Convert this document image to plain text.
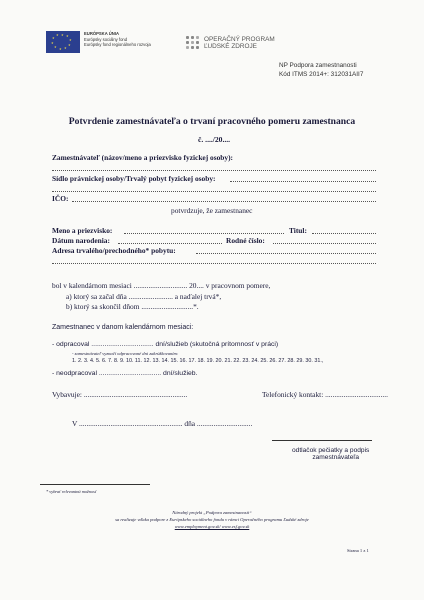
★ ★
★
★
★
★
★
★
★
★	EURÓPSKA ÚNIA
Európsky sociálny fond
Európsky fond regionálneho rozvoja
OPERAČNÝ PROGRAM
ĽUDSKÉ ZDROJE
NP Podpora zamestnanosti
Kód ITMS 2014+: 312031AII7
Potvrdenie zamestnávateľa o trvaní pracovného pomeru zamestnanca
č. ..../20....
Zamestnávateľ (názov/meno a priezvisko fyzickej osoby):
Sídlo právnickej osoby/Trvalý pobyt fyzickej osoby:
IČO:
potvrdzuje, že zamestnanec
Meno a priezvisko:	Titul:
Dátum narodenia:	Rodné číslo:
Adresa trvalého/prechodného* pobytu:
bol v kalendárnom mesiaci ............................. 20.... v pracovnom pomere,
a) ktorý sa začal dňa ........................ a naďalej trvá*,
b) ktorý sa skončil dňom ............................*.
Zamestnanec v danom kalendárnom mesiaci:
- odpracoval ................................. dní/služieb (skutočná prítomnosť v práci)
- zamestnávateľ vyznačí odpracované dni zakrúžkovaním:
1. 2. 3. 4. 5. 6. 7. 8. 9. 10. 11. 12. 13. 14. 15. 16. 17. 18. 19. 20. 21. 22. 23. 24. 25. 26. 27. 28. 29. 30. 31.,
- neodpracoval ................................. dní/služieb.
Vybavuje: ........................................................	Telefonický kontakt: ..................................
V ........................................................ dňa ..............................
odtlačok pečiatky a podpis
zamestnávateľa
* vybrať relevantnú možnosť
Národný projekt „Podpora zamestnanosti“
sa realizuje vďaka podpore z Európskeho sociálneho fondu v rámci Operačného programu Ľudské zdroje
www.employment.gov.sk/ www.esf.gov.sk
Strana 1 z 1
